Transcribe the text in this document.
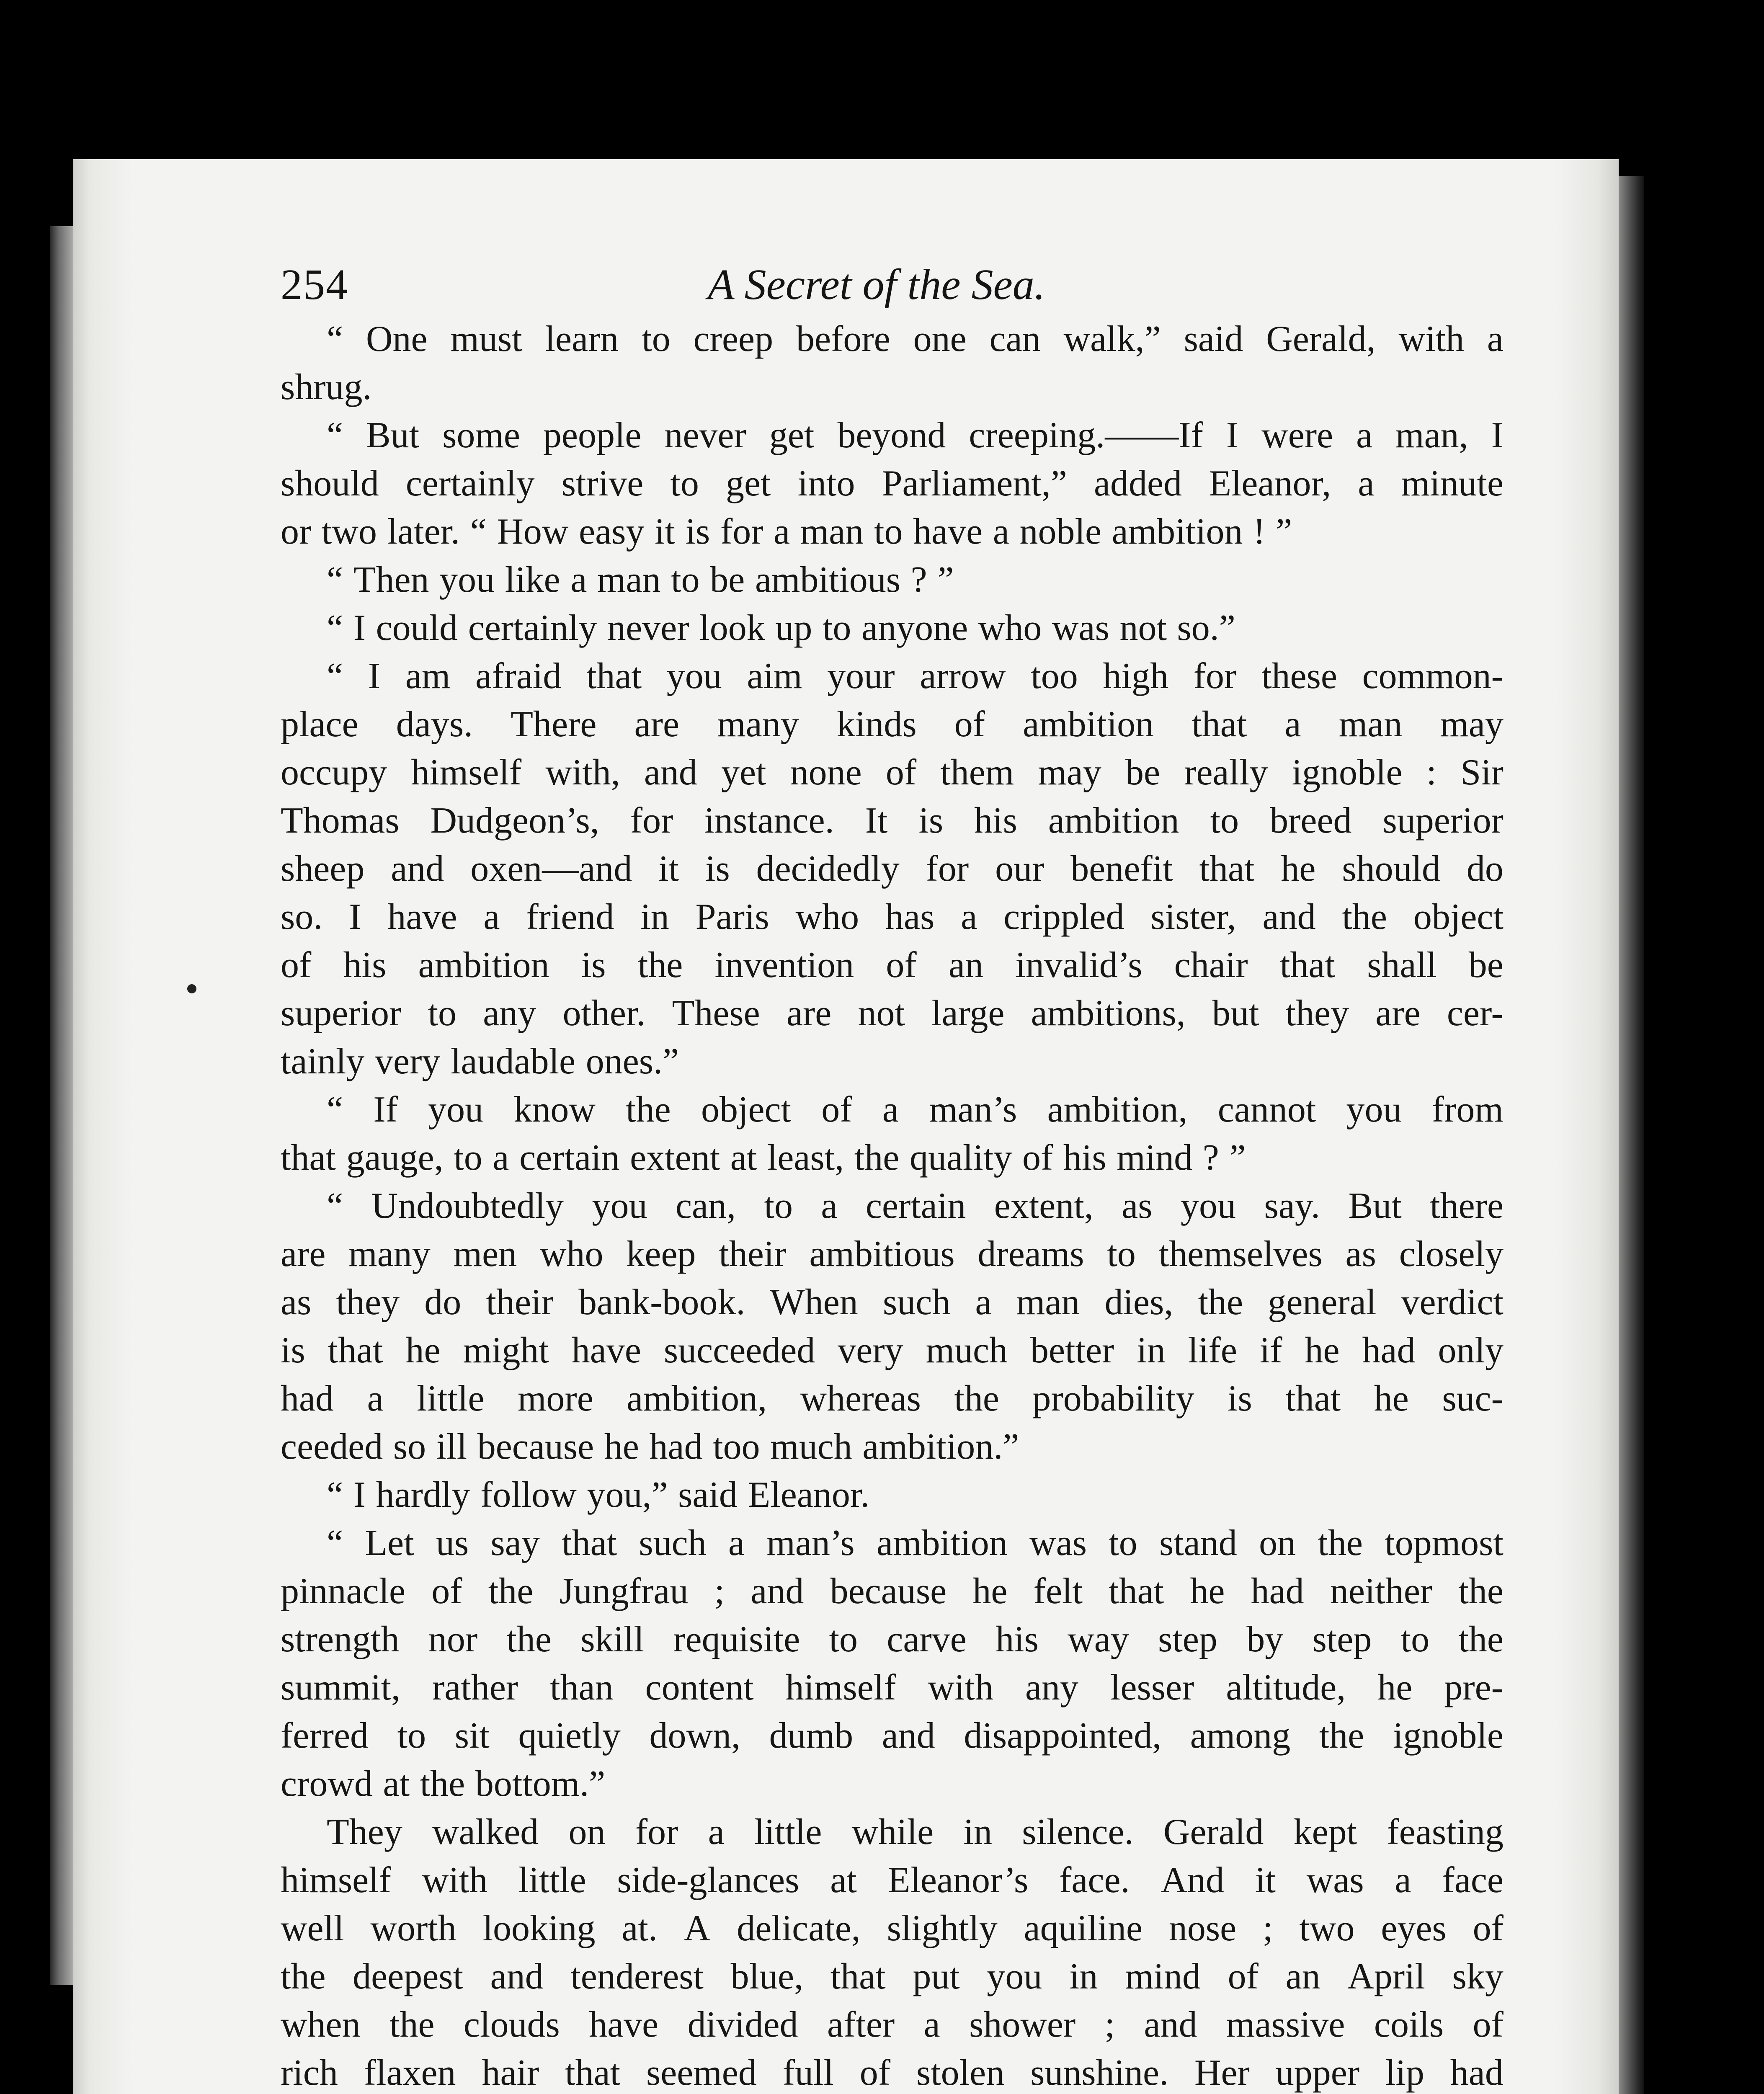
254	A Secret of the Sea.
“ One must learn to creep before one can walk,” said Gerald, with a
shrug.
“ But some people never get beyond creeping.——If I were a man, I
should certainly strive to get into Parliament,” added Eleanor, a minute
or two later. “ How easy it is for a man to have a noble ambition ! ”
“ Then you like a man to be ambitious ? ”
“ I could certainly never look up to anyone who was not so.”
“ I am afraid that you aim your arrow too high for these common-
place days. There are many kinds of ambition that a man may
occupy himself with, and yet none of them may be really ignoble : Sir
Thomas Dudgeon’s, for instance. It is his ambition to breed superior
sheep and oxen—and it is decidedly for our benefit that he should do
so. I have a friend in Paris who has a crippled sister, and the object
of his ambition is the invention of an invalid’s chair that shall be
superior to any other. These are not large ambitions, but they are cer-
tainly very laudable ones.”
“ If you know the object of a man’s ambition, cannot you from
that gauge, to a certain extent at least, the quality of his mind ? ”
“ Undoubtedly you can, to a certain extent, as you say. But there
are many men who keep their ambitious dreams to themselves as closely
as they do their bank-book. When such a man dies, the general verdict
is that he might have succeeded very much better in life if he had only
had a little more ambition, whereas the probability is that he suc-
ceeded so ill because he had too much ambition.”
“ I hardly follow you,” said Eleanor.
“ Let us say that such a man’s ambition was to stand on the topmost
pinnacle of the Jungfrau ; and because he felt that he had neither the
strength nor the skill requisite to carve his way step by step to the
summit, rather than content himself with any lesser altitude, he pre-
ferred to sit quietly down, dumb and disappointed, among the ignoble
crowd at the bottom.”
They walked on for a little while in silence. Gerald kept feasting
himself with little side-glances at Eleanor’s face. And it was a face
well worth looking at. A delicate, slightly aquiline nose ; two eyes of
the deepest and tenderest blue, that put you in mind of an April sky
when the clouds have divided after a shower ; and massive coils of
rich flaxen hair that seemed full of stolen sunshine. Her upper lip had
